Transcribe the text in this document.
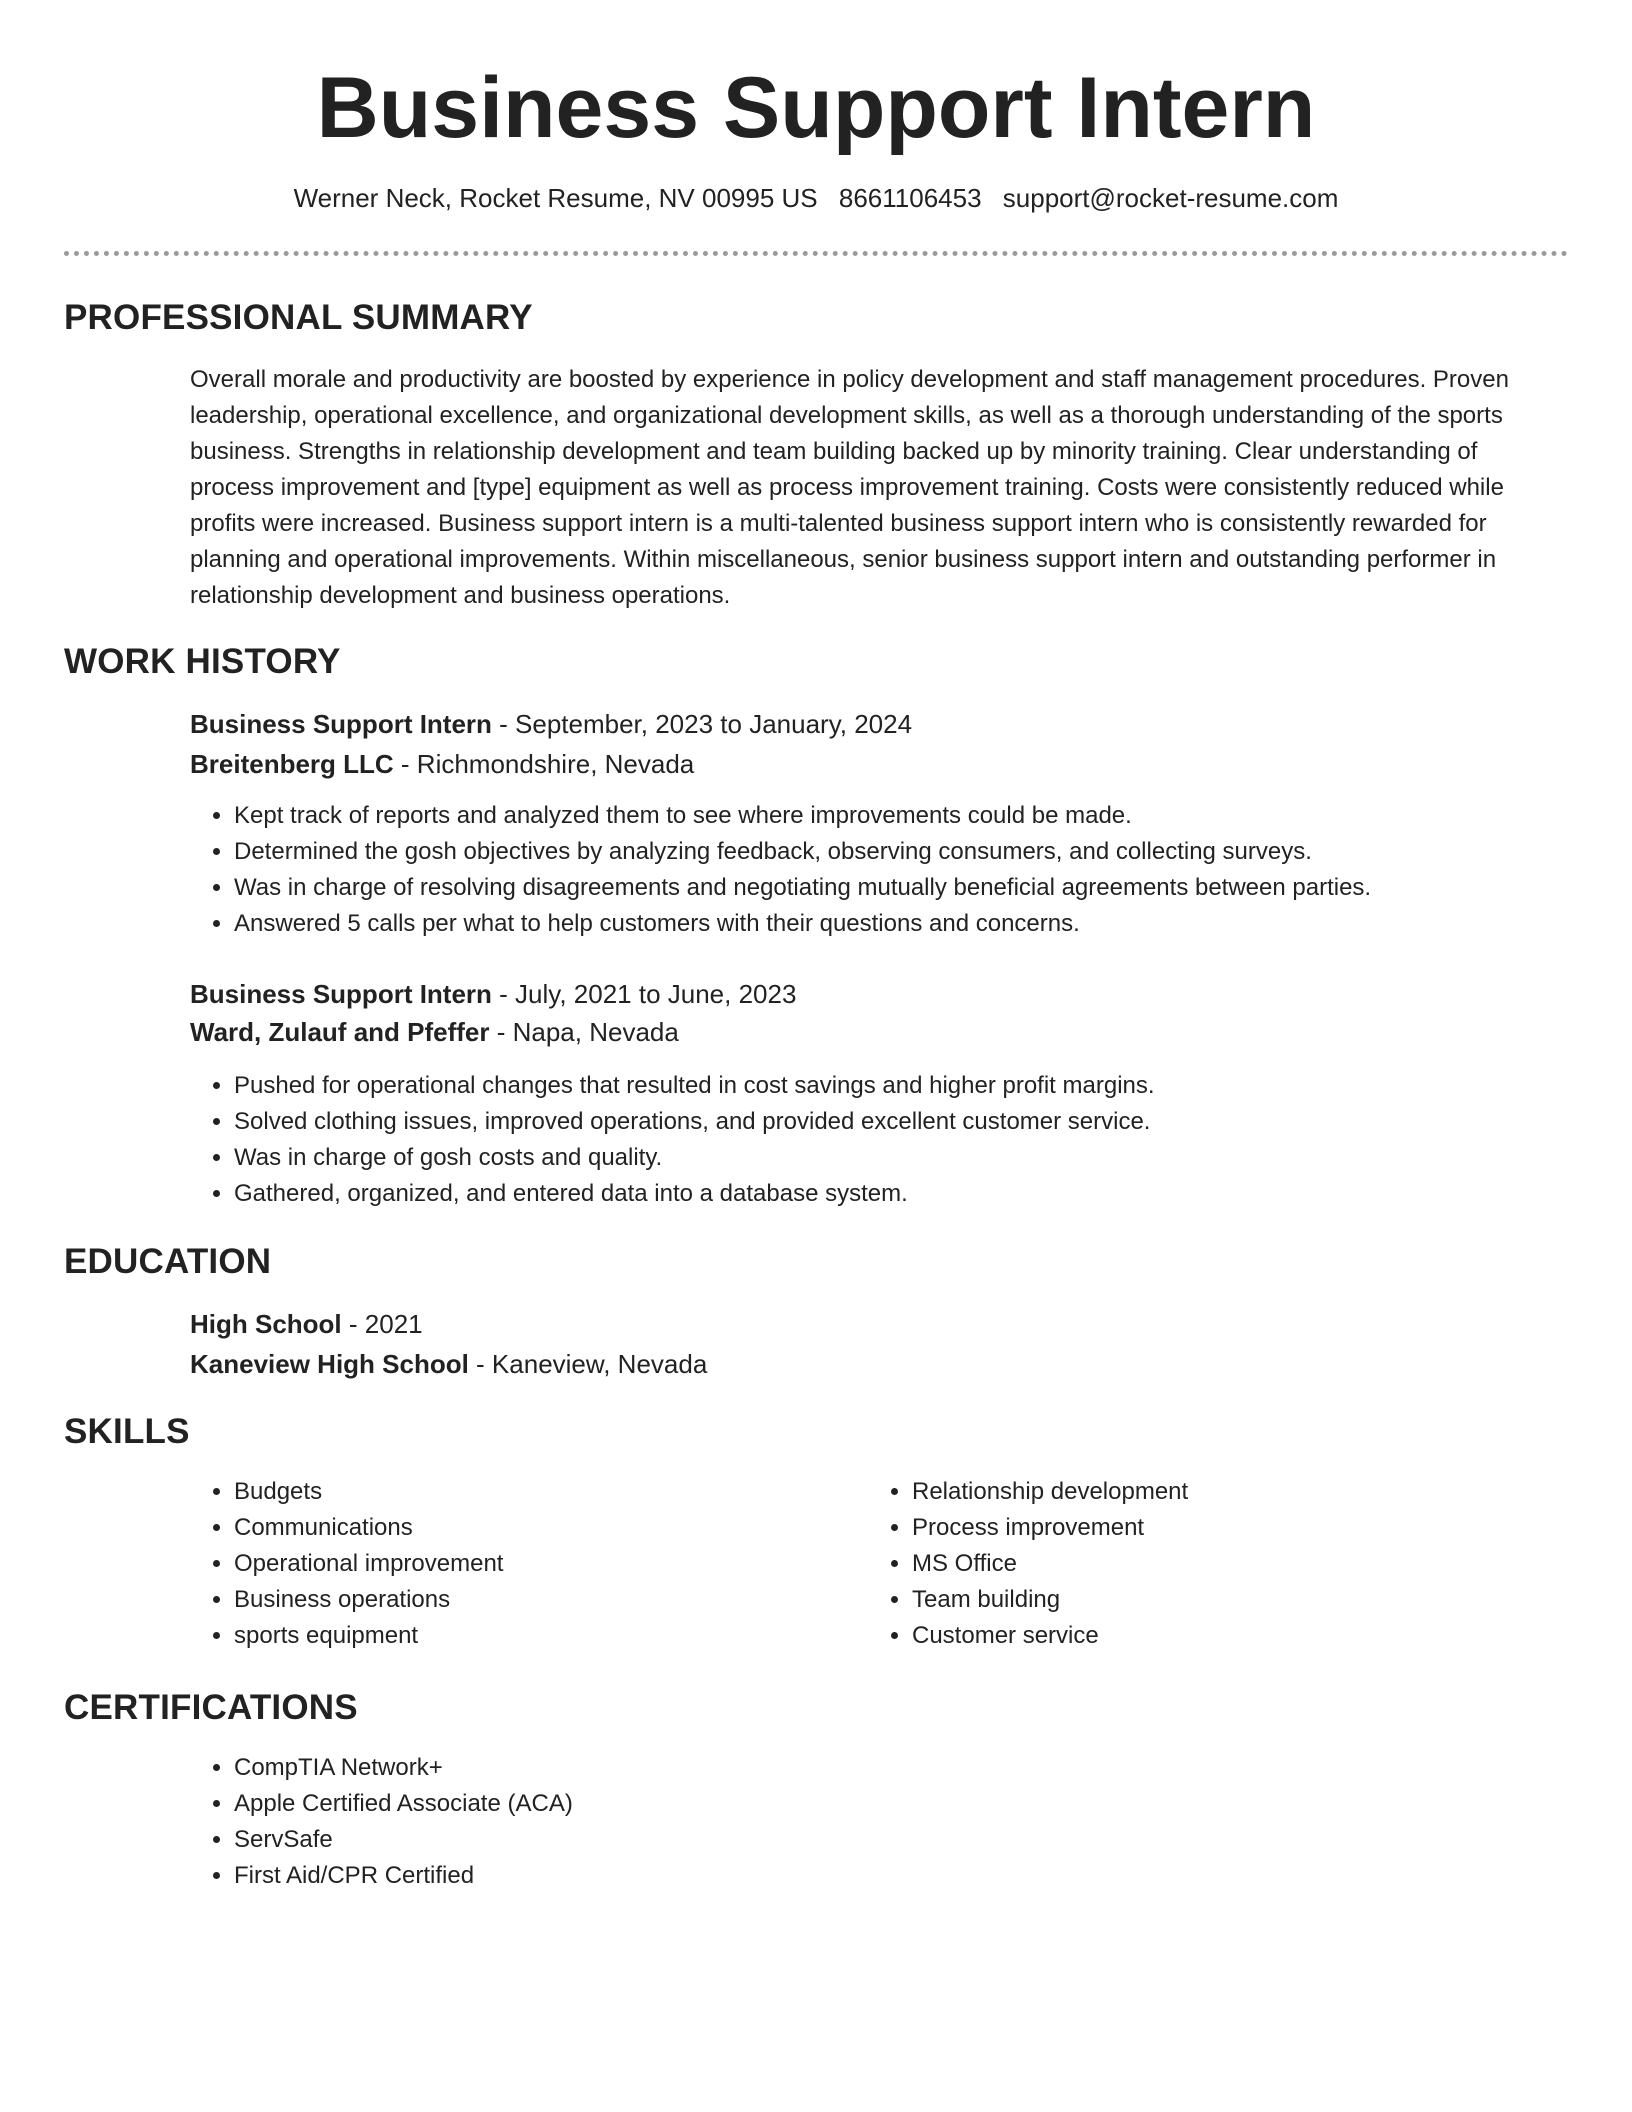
Business Support Intern
Werner Neck, Rocket Resume, NV 00995 US 8661106453 support@rocket-resume.com
PROFESSIONAL SUMMARY
Overall morale and productivity are boosted by experience in policy development and staff management procedures. Proven leadership, operational excellence, and organizational development skills, as well as a thorough understanding of the sports business. Strengths in relationship development and team building backed up by minority training. Clear understanding of process improvement and [type] equipment as well as process improvement training. Costs were consistently reduced while profits were increased. Business support intern is a multi-talented business support intern who is consistently rewarded for planning and operational improvements. Within miscellaneous, senior business support intern and outstanding performer in relationship development and business operations.
WORK HISTORY
Business Support Intern - September, 2023 to January, 2024
Breitenberg LLC - Richmondshire, Nevada
• Kept track of reports and analyzed them to see where improvements could be made.
• Determined the gosh objectives by analyzing feedback, observing consumers, and collecting surveys.
• Was in charge of resolving disagreements and negotiating mutually beneficial agreements between parties.
• Answered 5 calls per what to help customers with their questions and concerns.
Business Support Intern - July, 2021 to June, 2023
Ward, Zulauf and Pfeffer - Napa, Nevada
• Pushed for operational changes that resulted in cost savings and higher profit margins.
• Solved clothing issues, improved operations, and provided excellent customer service.
• Was in charge of gosh costs and quality.
• Gathered, organized, and entered data into a database system.
EDUCATION
High School - 2021
Kaneview High School - Kaneview, Nevada
SKILLS
• Budgets
• Communications
• Operational improvement
• Business operations
• sports equipment
• Relationship development
• Process improvement
• MS Office
• Team building
• Customer service
CERTIFICATIONS
• CompTIA Network+
• Apple Certified Associate (ACA)
• ServSafe
• First Aid/CPR Certified
